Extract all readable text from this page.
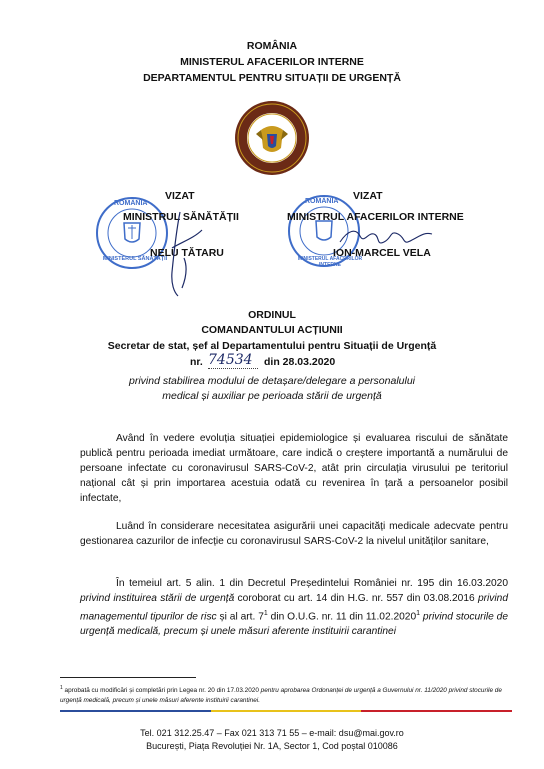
ROMÂNIA
MINISTERUL AFACERILOR INTERNE
DEPARTAMENTUL PENTRU SITUAȚII DE URGENȚĂ
VIZAT
ROMÂNIA
MINISTERUL SĂNĂTĂȚII
MINISTRUL SĂNĂTĂȚII
NELU TĂTARU
VIZAT
ROMÂNIA
MINISTERUL AFACERILOR INTERNE
MINISTRUL AFACERILOR INTERNE
ION-MARCEL VELA
ORDINUL
COMANDANTULUI ACȚIUNII
Secretar de stat, șef al Departamentului pentru Situații de Urgență
nr. 74534	din 28.03.2020
privind stabilirea modului de detașare/delegare a personalului medical și auxiliar pe perioada stării de urgență
Având în vedere evoluția situației epidemiologice și evaluarea riscului de sănătate publică pentru perioada imediat următoare, care indică o creștere importantă a numărului de persoane infectate cu coronavirusul SARS-CoV-2, atât prin circulația virusului pe teritoriul național cât și prin importarea acestuia odată cu revenirea în țară a persoanelor posibil infectate,
Luând în considerare necesitatea asigurării unei capacități medicale adecvate pentru gestionarea cazurilor de infecție cu coronavirusul SARS-CoV-2 la nivelul unităților sanitare,
În temeiul art. 5 alin. 1 din Decretul Președintelui României nr. 195 din 16.03.2020 privind instituirea stării de urgență coroborat cu art. 14 din H.G. nr. 557 din 03.08.2016 privind managementul tipurilor de risc și al art. $7^1$ din O.U.G. nr. 11 din 11.02.2020$^1$ privind stocurile de urgență medicală, precum și unele măsuri aferente instituirii carantinei
$^1$ aprobată cu modificări și completări prin Legea nr. 20 din 17.03.2020 pentru aprobarea Ordonanței de urgență a Guvernului nr. 11/2020 privind stocurile de urgență medicală, precum și unele măsuri aferente instituirii carantinei.
Tel. 021 312.25.47 – Fax 021 313 71 55 – e-mail: dsu@mai.gov.ro
București, Piața Revoluției Nr. 1A, Sector 1, Cod poștal 010086
